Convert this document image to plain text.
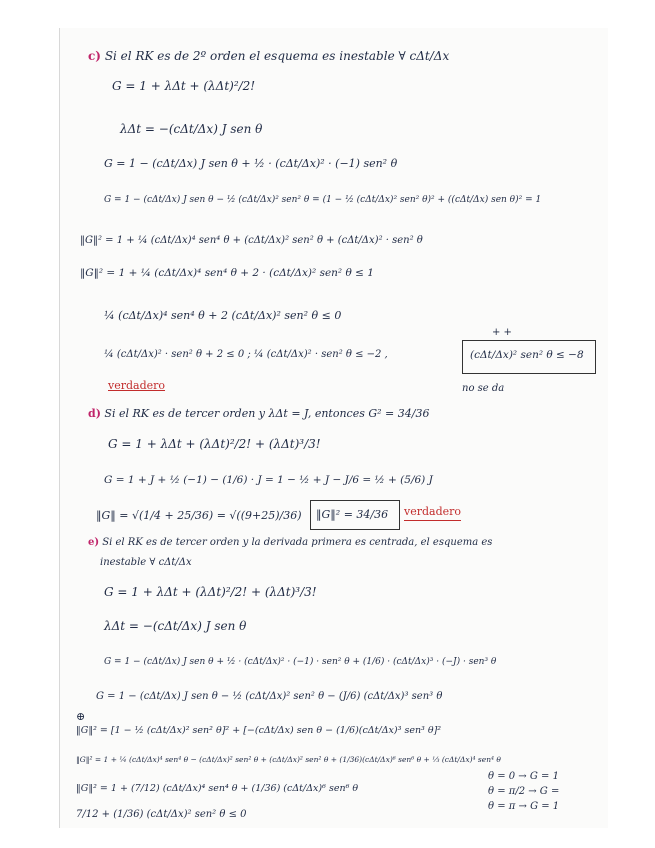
c) Si el RK es de 2º orden el esquema es inestable ∀ cΔt/Δx
G = 1 + λΔt + (λΔt)²/2!
λΔt = −(cΔt/Δx) J sen θ
G = 1 − (cΔt/Δx) J sen θ + ½ · (cΔt/Δx)² · (−1) sen² θ
G = 1 − (cΔt/Δx) J sen θ − ½ (cΔt/Δx)² sen² θ = (1 − ½ (cΔt/Δx)² sen² θ)² + ((cΔt/Δx) sen θ)² = 1
‖G‖² = 1 + ¼ (cΔt/Δx)⁴ sen⁴ θ + (cΔt/Δx)² sen² θ + (cΔt/Δx)² · sen² θ
‖G‖² = 1 + ¼ (cΔt/Δx)⁴ sen⁴ θ + 2 · (cΔt/Δx)² sen² θ ≤ 1
¼ (cΔt/Δx)⁴ sen⁴ θ + 2 (cΔt/Δx)² sen² θ ≤ 0
¼ (cΔt/Δx)² · sen² θ + 2 ≤ 0 ; ¼ (cΔt/Δx)² · sen² θ ≤ −2 ,
+ +
(cΔt/Δx)² sen² θ ≤ −8
no se da
verdadero
d) Si el RK es de tercer orden y λΔt = J, entonces G² = 34/36
G = 1 + λΔt + (λΔt)²/2! + (λΔt)³/3!
G = 1 + J + ½ (−1) − (1/6) · J = 1 − ½ + J − J/6 = ½ + (5/6) J
‖G‖ = √(1/4 + 25/36) = √((9+25)/36) ‖G‖² = 34/36 verdadero
e) Si el RK es de tercer orden y la derivada primera es centrada, el esquema es
inestable ∀ cΔt/Δx
G = 1 + λΔt + (λΔt)²/2! + (λΔt)³/3!
λΔt = −(cΔt/Δx) J sen θ
G = 1 − (cΔt/Δx) J sen θ + ½ · (cΔt/Δx)² · (−1) · sen² θ + (1/6) · (cΔt/Δx)³ · (−J) · sen³ θ
G = 1 − (cΔt/Δx) J sen θ − ½ (cΔt/Δx)² sen² θ − (J/6) (cΔt/Δx)³ sen³ θ
⊕
‖G‖² = [1 − ½ (cΔt/Δx)² sen² θ]² + [−(cΔt/Δx) sen θ − (1/6)(cΔt/Δx)³ sen³ θ]²
‖G‖² = 1 + ¼ (cΔt/Δx)⁴ sen⁴ θ − (cΔt/Δx)² sen² θ + (cΔt/Δx)² sen² θ + (1/36)(cΔt/Δx)⁶ sen⁶ θ + ⅓ (cΔt/Δx)⁴ sen⁴ θ
‖G‖² = 1 + (7/12) (cΔt/Δx)⁴ sen⁴ θ + (1/36) (cΔt/Δx)⁶ sen⁶ θ
7/12 + (1/36) (cΔt/Δx)² sen² θ ≤ 0
θ = 0 → G = 1
θ = π/2 → G =
θ = π → G = 1
